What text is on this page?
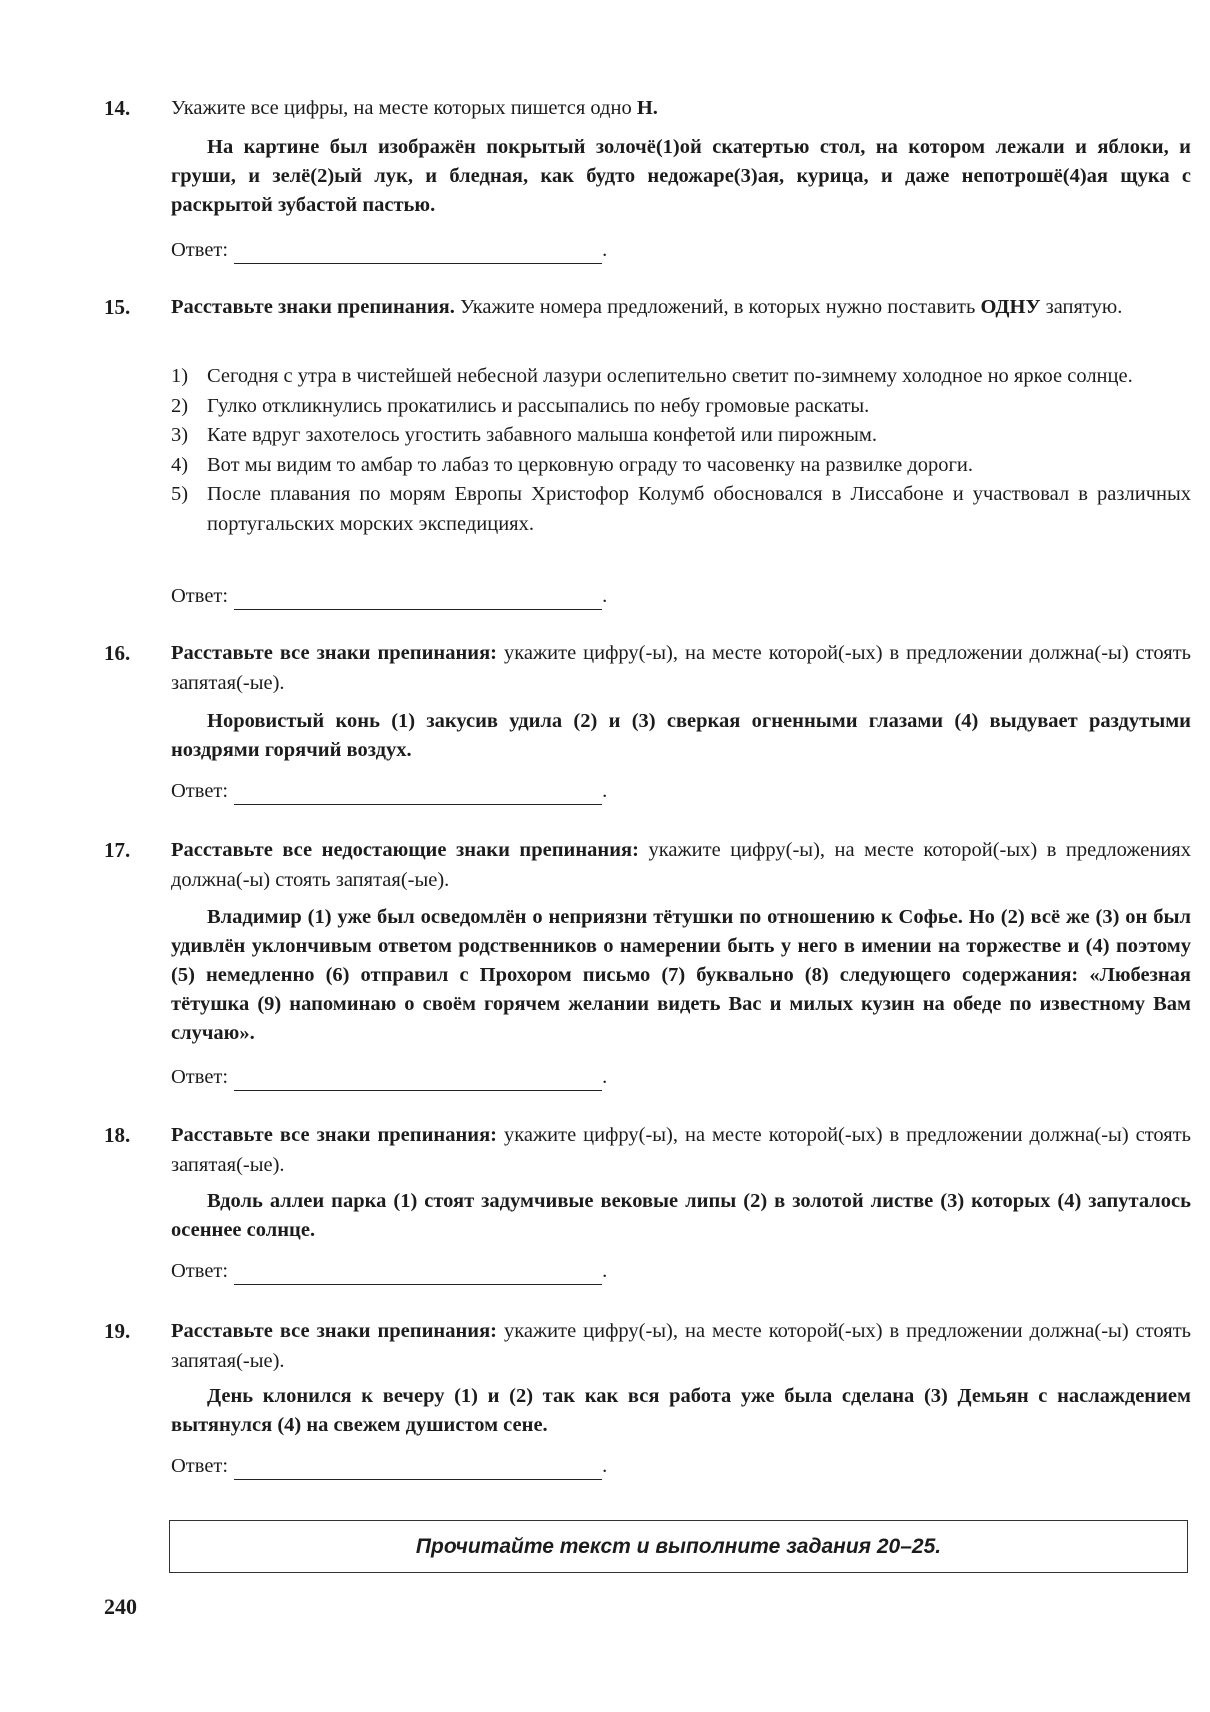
14. Укажите все цифры, на месте которых пишется одно Н.
На картине был изображён покрытый золочё(1)ой скатертью стол, на котором лежали и яблоки, и груши, и зелё(2)ый лук, и бледная, как будто недожаре(3)ая, курица, и даже непотрошё(4)ая щука с раскрытой зубастой пастью.
Ответ:	.
15. Расставьте знаки препинания. Укажите номера предложений, в которых нужно поставить ОДНУ запятую.
1) Сегодня с утра в чистейшей небесной лазури ослепительно светит по-зимнему холодное но яркое солнце.
2) Гулко откликнулись прокатились и рассыпались по небу громовые раскаты.
3) Кате вдруг захотелось угостить забавного малыша конфетой или пирожным.
4) Вот мы видим то амбар то лабаз то церковную ограду то часовенку на развилке дороги.
5) После плавания по морям Европы Христофор Колумб обосновался в Лиссабоне и участвовал в различных португальских морских экспедициях.
Ответ:	.
16. Расставьте все знаки препинания: укажите цифру(-ы), на месте которой(-ых) в предложении должна(-ы) стоять запятая(-ые).
Норовистый конь (1) закусив удила (2) и (3) сверкая огненными глазами (4) выдувает раздутыми ноздрями горячий воздух.
Ответ:	.
17. Расставьте все недостающие знаки препинания: укажите цифру(-ы), на месте которой(-ых) в предложениях должна(-ы) стоять запятая(-ые).
Владимир (1) уже был осведомлён о неприязни тётушки по отношению к Софье. Но (2) всё же (3) он был удивлён уклончивым ответом родственников о намерении быть у него в имении на торжестве и (4) поэтому (5) немедленно (6) отправил с Прохором письмо (7) буквально (8) следующего содержания: «Любезная тётушка (9) напоминаю о своём горячем желании видеть Вас и милых кузин на обеде по известному Вам случаю».
Ответ:	.
18. Расставьте все знаки препинания: укажите цифру(-ы), на месте которой(-ых) в предложении должна(-ы) стоять запятая(-ые).
Вдоль аллеи парка (1) стоят задумчивые вековые липы (2) в золотой листве (3) которых (4) запуталось осеннее солнце.
Ответ:	.
19. Расставьте все знаки препинания: укажите цифру(-ы), на месте которой(-ых) в предложении должна(-ы) стоять запятая(-ые).
День клонился к вечеру (1) и (2) так как вся работа уже была сделана (3) Демьян с наслаждением вытянулся (4) на свежем душистом сене.
Ответ:	.
Прочитайте текст и выполните задания 20–25.
240
